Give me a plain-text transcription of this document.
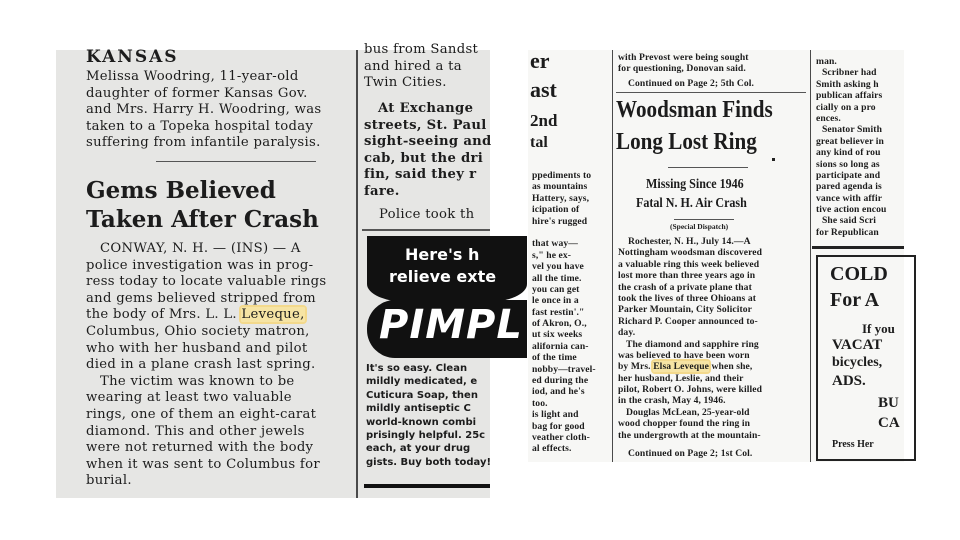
KANSAS
Melissa Woodring, 11-year-old
daughter of former Kansas Gov.
and Mrs. Harry H. Woodring, was
taken to a Topeka hospital today
suffering from infantile paralysis.
Gems Believed
Taken After Crash
CONWAY, N. H. — (INS) — A
police investigation was in prog-
ress today to locate valuable rings
and gems believed stripped from
the body of Mrs. L. L. Leveque,
Columbus, Ohio society matron,
who with her husband and pilot
died in a plane crash last spring.
The victim was known to be
wearing at least two valuable
rings, one of them an eight-carat
diamond. This and other jewels
were not returned with the body
when it was sent to Columbus for
burial.
bus from Sandst
and hired a ta
Twin Cities.
At Exchange
streets, St. Paul
sight-seeing and
cab, but the dri
fin, said they r
fare.
Police took th
Here's h
relieve exte
PIMPL
It's so easy. Clean
mildly medicated, e
Cuticura Soap, then
mildly antiseptic C
world-known combi
prisingly helpful. 25c
each, at your drug
gists. Buy both today!
er
ast
2nd
tal
ppediments to
as mountains
Hattery, says,
icipation of
hire's rugged
that way—
s," he ex-
vel you have
all the time.
you can get
le once in a
fast restin'."
of Akron, O.,
ut six weeks
alifornia can-
of the time
nobby—travel-
ed during the
iod, and he's
too.
is light and
bag for good
veather cloth-
al effects.
with Prevost were being sought
for questioning, Donovan said.
Continued on Page 2; 5th Col.
Woodsman Finds
Long Lost Ring
Missing Since 1946
Fatal N. H. Air Crash
(Special Dispatch)
Rochester, N. H., July 14.—A
Nottingham woodsman discovered
a valuable ring this week believed
lost more than three years ago in
the crash of a private plane that
took the lives of three Ohioans at
Parker Mountain, City Solicitor
Richard P. Cooper announced to-
day.
The diamond and sapphire ring
was believed to have been worn
by Mrs. Elsa Leveque when she,
her husband, Leslie, and their
pilot, Robert O. Johns, were killed
in the crash, May 4, 1946.
Douglas McLean, 25-year-old
wood chopper found the ring in
the undergrowth at the mountain-
Continued on Page 2; 1st Col.
man.
Scribner had
Smith asking h
publican affairs
cially on a pro
ences.
Senator Smith
great believer in
any kind of rou
sions so long as
participate and
pared agenda is
vance with affir
tive action encou
She said Scri
for Republican
COLD
For A
If you
VACAT
bicycles,
ADS.
BU
CA
Press Her
